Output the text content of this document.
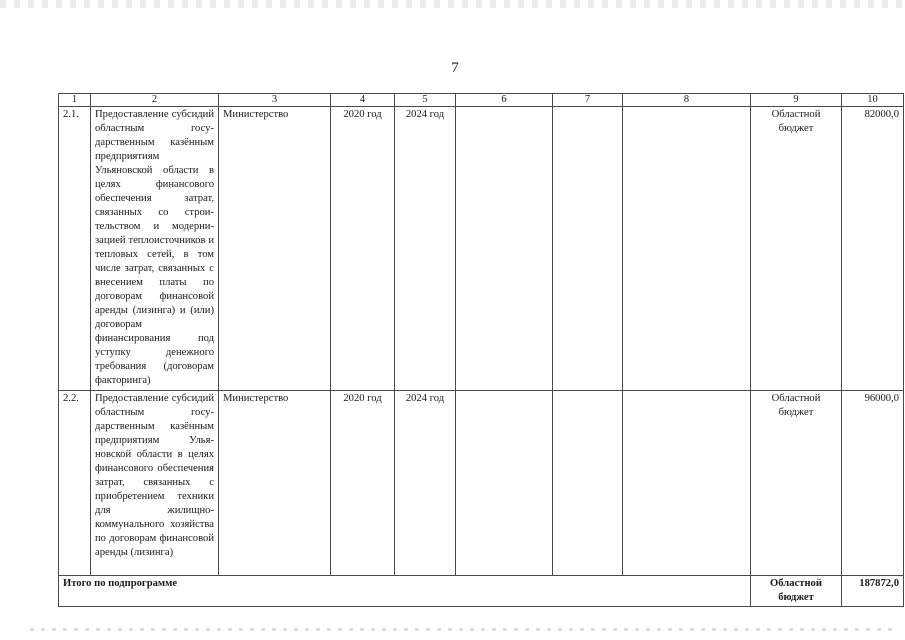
7
1	2	3	4	5	6	7	8	9	10
2.1.	Предоставление субсидий областным государственным казённым предприятиям Ульяновской области в целях финансового обеспечения затрат, связанных со строительством и модернизацией теплоисточников и тепловых сетей, в том числе затрат, связанных с внесением платы по договорам финансовой аренды (лизинга) и (или) договорам финансирования под уступку денежного требования (договорам факторинга)	Министерство	2020 год	2024 год				Областной бюджет	82000,0
2.2.	Предоставление субсидий областным государственным казённым предприятиям Ульяновской области в целях финансового обеспечения затрат, связанных с приобретением техники для жилищно-коммунального хозяйства по договорам финансовой аренды (лизинга)	Министерство	2020 год	2024 год				Областной бюджет	96000,0
Итого по подпрограмме								Областной бюджет	187872,0
